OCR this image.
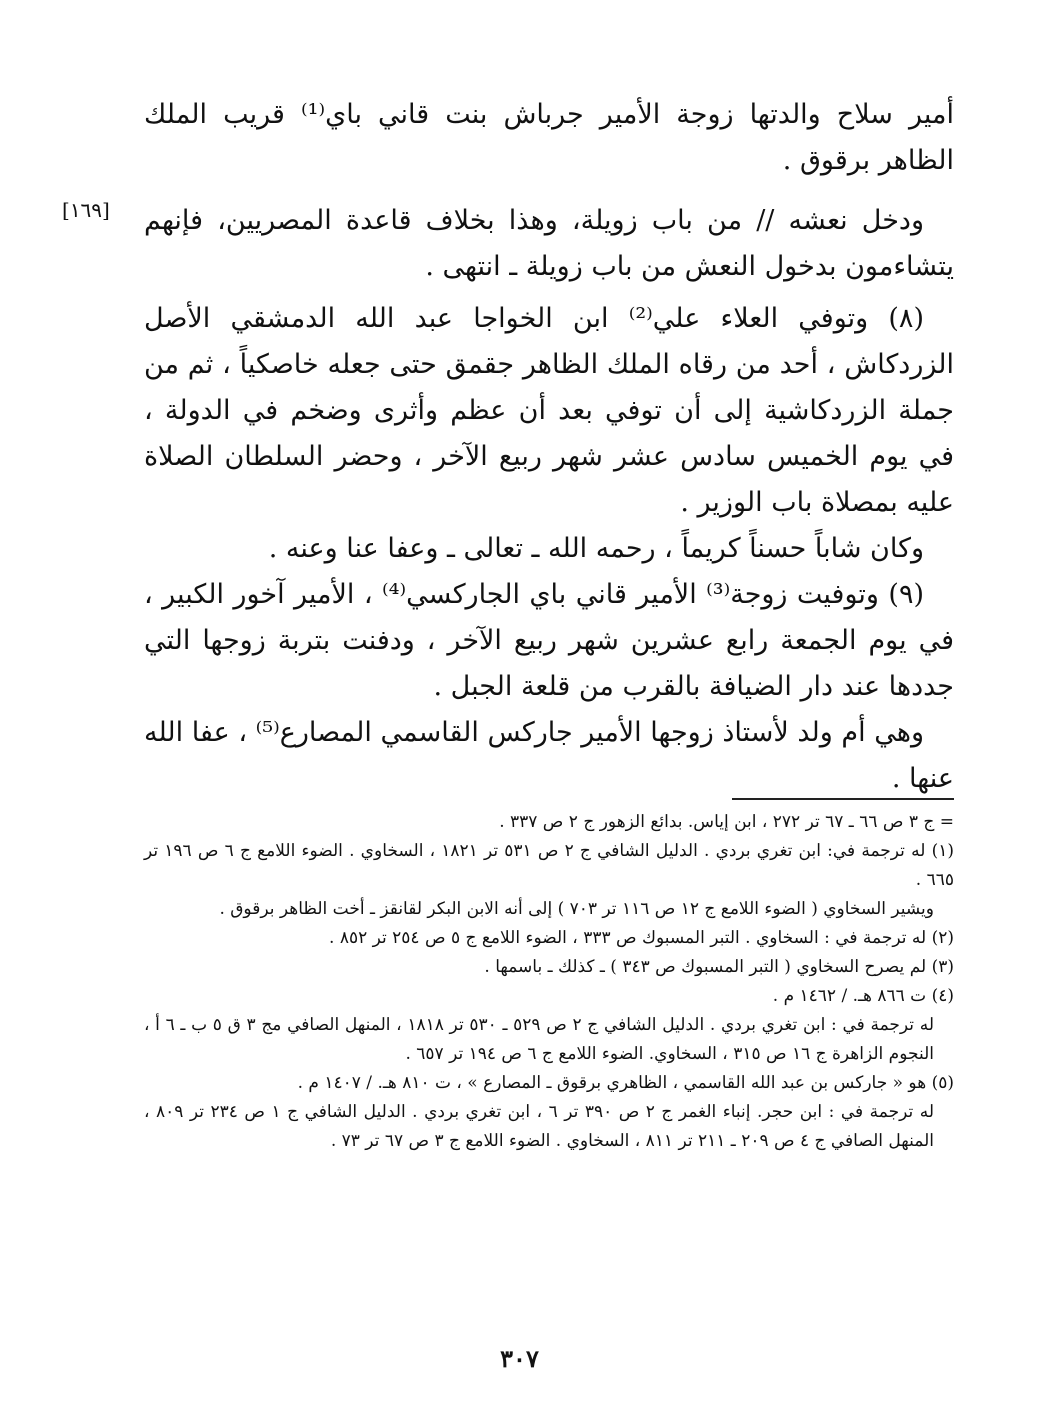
أمير سلاح والدتها زوجة الأمير جرباش بنت قاني باي⁽¹⁾ قريب الملك الظاهر برقوق .

ودخل نعشه // من باب زويلة، وهذا بخلاف قاعدة المصريين، فإنهم يتشاءمون بدخول النعش من باب زويلة ـ انتهى .

(٨) وتوفي العلاء علي⁽²⁾ ابن الخواجا عبد الله الدمشقي الأصل الزردكاش ، أحد من رقاه الملك الظاهر جقمق حتى جعله خاصكياً ، ثم من جملة الزردكاشية إلى أن توفي بعد أن عظم وأثرى وضخم في الدولة ، في يوم الخميس سادس عشر شهر ربيع الآخر ، وحضر السلطان الصلاة عليه بمصلاة باب الوزير .

وكان شاباً حسناً كريماً ، رحمه الله ـ تعالى ـ وعفا عنا وعنه .

(٩) وتوفيت زوجة⁽³⁾ الأمير قاني باي الجاركسي⁽⁴⁾ ، الأمير آخور الكبير ، في يوم الجمعة رابع عشرين شهر ربيع الآخر ، ودفنت بتربة زوجها التي جددها عند دار الضيافة بالقرب من قلعة الجبل .

وهي أم ولد لأستاذ زوجها الأمير جاركس القاسمي المصارع⁽⁵⁾ ، عفا الله عنها .

[١٦٩]

= ج ٣ ص ٦٦ ـ ٦٧ تر ٢٧٢ ، ابن إياس. بدائع الزهور ج ٢ ص ٣٣٧ .

(١) له ترجمة في: ابن تغري بردي . الدليل الشافي ج ٢ ص ٥٣١ تر ١٨٢١ ، السخاوي . الضوء اللامع ج ٦ ص ١٩٦ تر ٦٦٥ .

ويشير السخاوي ( الضوء اللامع ج ١٢ ص ١١٦ تر ٧٠٣ ) إلى أنه الابن البكر لقانقز ـ أخت الظاهر برقوق .

(٢) له ترجمة في : السخاوي . التبر المسبوك ص ٣٣٣ ، الضوء اللامع ج ٥ ص ٢٥٤ تر ٨٥٢ .

(٣) لم يصرح السخاوي ( التبر المسبوك ص ٣٤٣ ) ـ كذلك ـ باسمها .

(٤) ت ٨٦٦ هـ. / ١٤٦٢ م .

له ترجمة في : ابن تغري بردي . الدليل الشافي ج ٢ ص ٥٢٩ ـ ٥٣٠ تر ١٨١٨ ، المنهل الصافي مج ٣ ق ٥ ب ـ ٦ أ ، النجوم الزاهرة ج ١٦ ص ٣١٥ ، السخاوي. الضوء اللامع ج ٦ ص ١٩٤ تر ٦٥٧ .

(٥) هو « جاركس بن عبد الله القاسمي ، الظاهري برقوق ـ المصارع » ، ت ٨١٠ هـ. / ١٤٠٧ م .

له ترجمة في : ابن حجر. إنباء الغمر ج ٢ ص ٣٩٠ تر ٦ ، ابن تغري بردي . الدليل الشافي ج ١ ص ٢٣٤ تر ٨٠٩ ، المنهل الصافي ج ٤ ص ٢٠٩ ـ ٢١١ تر ٨١١ ، السخاوي . الضوء اللامع ج ٣ ص ٦٧ تر ٧٣ .

٣٠٧
